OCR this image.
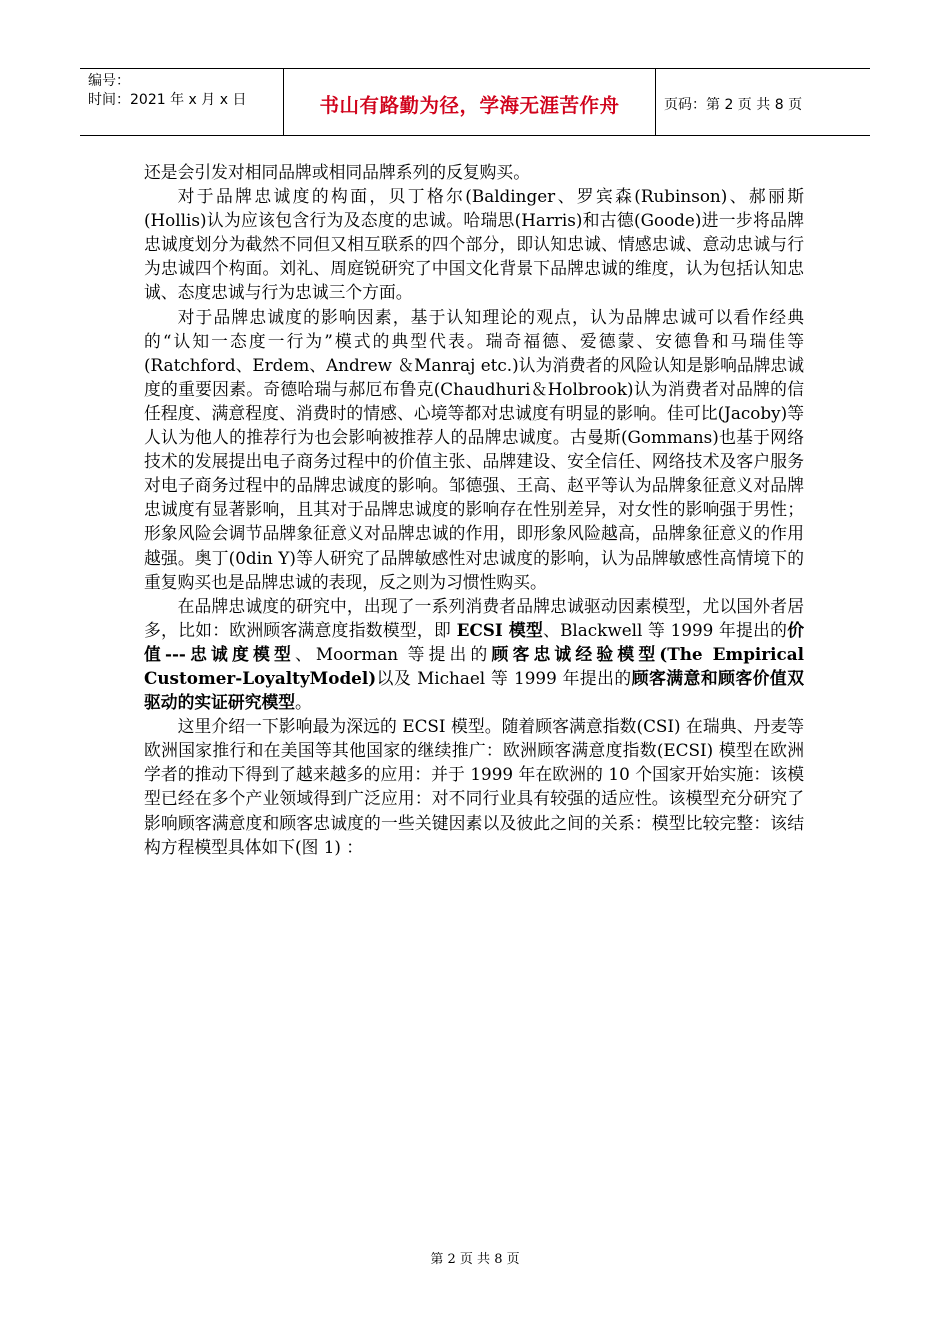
编号：
时间：2021 年 x 月 x 日	书山有路勤为径，学海无涯苦作舟	页码：第 2 页 共 8 页

还是会引发对相同品牌或相同品牌系列的反复购买。

对于品牌忠诚度的构面，贝丁格尔(Baldinger、罗宾森(Rubinson)、郝丽斯(Hollis)认为应该包含行为及态度的忠诚。哈瑞思(Harris)和古德(Goode)进一步将品牌忠诚度划分为截然不同但又相互联系的四个部分，即认知忠诚、情感忠诚、意动忠诚与行为忠诚四个构面。刘礼、周庭锐研究了中国文化背景下品牌忠诚的维度，认为包括认知忠诚、态度忠诚与行为忠诚三个方面。

对于品牌忠诚度的影响因素，基于认知理论的观点，认为品牌忠诚可以看作经典的“认知一态度一行为”模式的典型代表。瑞奇福德、爱德蒙、安德鲁和马瑞佳等(Ratchford、Erdem、Andrew ＆Manraj etc.)认为消费者的风险认知是影响品牌忠诚度的重要因素。奇德哈瑞与郝厄布鲁克(Chaudhuri＆Holbrook)认为消费者对品牌的信任程度、满意程度、消费时的情感、心境等都对忠诚度有明显的影响。佳可比(Jacoby)等人认为他人的推荐行为也会影响被推荐人的品牌忠诚度。古曼斯(Gommans)也基于网络技术的发展提出电子商务过程中的价值主张、品牌建设、安全信任、网络技术及客户服务对电子商务过程中的品牌忠诚度的影响。邹德强、王高、赵平等认为品牌象征意义对品牌忠诚度有显著影响，且其对于品牌忠诚度的影响存在性别差异，对女性的影响强于男性；形象风险会调节品牌象征意义对品牌忠诚的作用，即形象风险越高，品牌象征意义的作用越强。奥丁(0din Y)等人研究了品牌敏感性对忠诚度的影响，认为品牌敏感性高情境下的重复购买也是品牌忠诚的表现，反之则为习惯性购买。

在品牌忠诚度的研究中，出现了一系列消费者品牌忠诚驱动因素模型，尤以国外者居多，比如：欧洲顾客满意度指数模型，即 ECSI 模型、Blackwell 等 1999 年提出的价值---忠诚度模型、Moorman 等提出的顾客忠诚经验模型(The Empirical Customer-LoyaltyModel)以及 Michael 等 1999 年提出的顾客满意和顾客价值双驱动的实证研究模型。

这里介绍一下影响最为深远的 ECSI 模型。随着顾客满意指数(CSI) 在瑞典、丹麦等欧洲国家推行和在美国等其他国家的继续推广：欧洲顾客满意度指数(ECSI) 模型在欧洲学者的推动下得到了越来越多的应用：并于 1999 年在欧洲的 10 个国家开始实施：该模型已经在多个产业领域得到广泛应用：对不同行业具有较强的适应性。该模型充分研究了影响顾客满意度和顾客忠诚度的一些关键因素以及彼此之间的关系：模型比较完整：该结构方程模型具体如下(图 1) ：

第 2 页 共 8 页
